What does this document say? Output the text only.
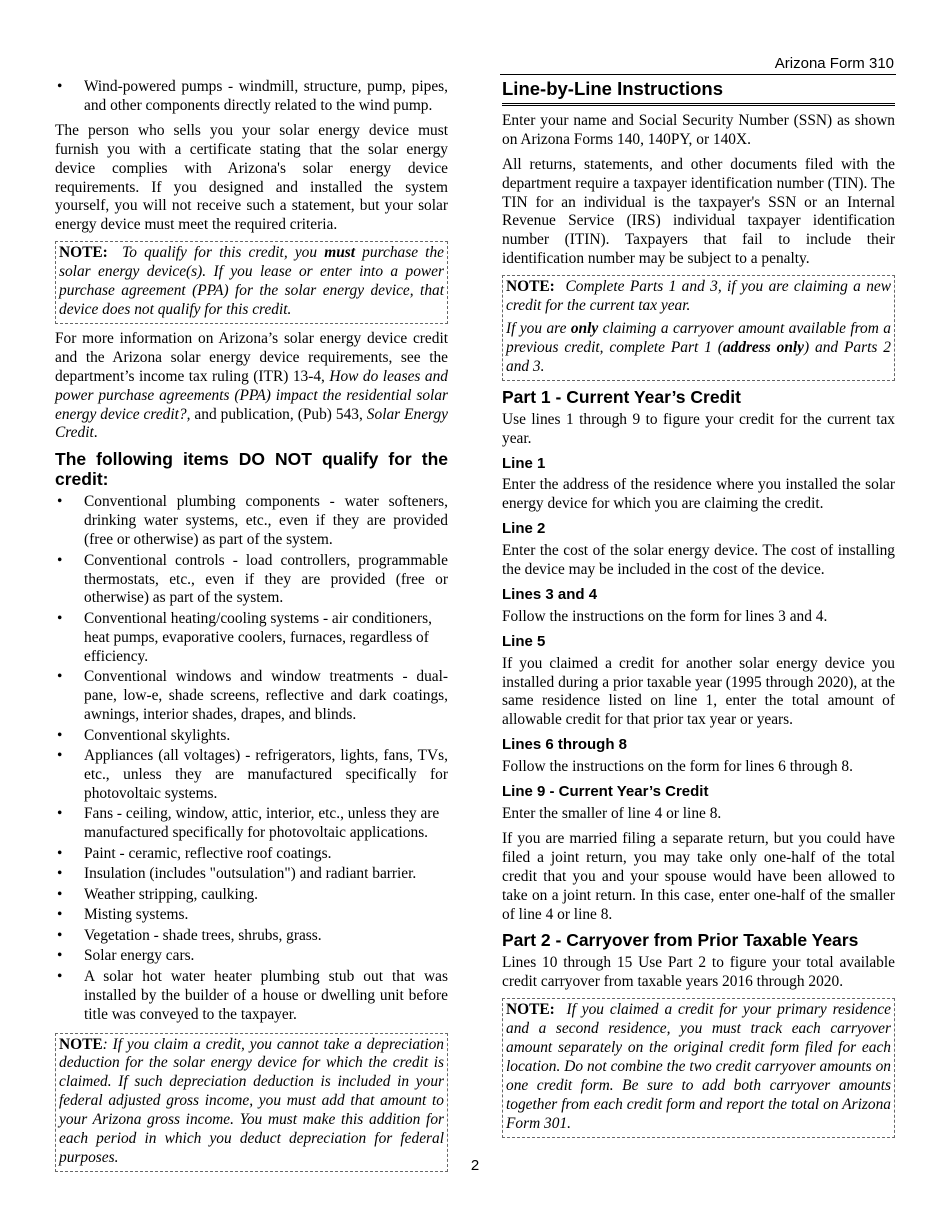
Arizona Form 310
• Wind-powered pumps - windmill, structure, pump, pipes, and other components directly related to the wind pump.

The person who sells you your solar energy device must furnish you with a certificate stating that the solar energy device complies with Arizona's solar energy device requirements. If you designed and installed the system yourself, you will not receive such a statement, but your solar energy device must meet the required criteria.

NOTE: To qualify for this credit, you must purchase the solar energy device(s). If you lease or enter into a power purchase agreement (PPA) for the solar energy device, that device does not qualify for this credit.

For more information on Arizona’s solar energy device credit and the Arizona solar energy device requirements, see the department’s income tax ruling (ITR) 13-4, How do leases and power purchase agreements (PPA) impact the residential solar energy device credit?, and publication, (Pub) 543, Solar Energy Credit.

The following items DO NOT qualify for the credit:
• Conventional plumbing components - water softeners, drinking water systems, etc., even if they are provided (free or otherwise) as part of the system.
• Conventional controls - load controllers, programmable thermostats, etc., even if they are provided (free or otherwise) as part of the system.
• Conventional heating/cooling systems - air conditioners, heat pumps, evaporative coolers, furnaces, regardless of efficiency.
• Conventional windows and window treatments - dual-pane, low-e, shade screens, reflective and dark coatings, awnings, interior shades, drapes, and blinds.
• Conventional skylights.
• Appliances (all voltages) - refrigerators, lights, fans, TVs, etc., unless they are manufactured specifically for photovoltaic systems.
• Fans - ceiling, window, attic, interior, etc., unless they are manufactured specifically for photovoltaic applications.
• Paint - ceramic, reflective roof coatings.
• Insulation (includes "outsulation") and radiant barrier.
• Weather stripping, caulking.
• Misting systems.
• Vegetation - shade trees, shrubs, grass.
• Solar energy cars.
• A solar hot water heater plumbing stub out that was installed by the builder of a house or dwelling unit before title was conveyed to the taxpayer.
NOTE: If you claim a credit, you cannot take a depreciation deduction for the solar energy device for which the credit is claimed. If such depreciation deduction is included in your federal adjusted gross income, you must add that amount to your Arizona gross income. You must make this addition for each period in which you deduct depreciation for federal purposes.
Line-by-Line Instructions

Enter your name and Social Security Number (SSN) as shown on Arizona Forms 140, 140PY, or 140X.

All returns, statements, and other documents filed with the department require a taxpayer identification number (TIN). The TIN for an individual is the taxpayer's SSN or an Internal Revenue Service (IRS) individual taxpayer identification number (ITIN). Taxpayers that fail to include their identification number may be subject to a penalty.

NOTE: Complete Parts 1 and 3, if you are claiming a new credit for the current tax year.
If you are only claiming a carryover amount available from a previous credit, complete Part 1 (address only) and Parts 2 and 3.
Part 1 - Current Year’s Credit

Use lines 1 through 9 to figure your credit for the current tax year.

Line 1

Enter the address of the residence where you installed the solar energy device for which you are claiming the credit.

Line 2

Enter the cost of the solar energy device. The cost of installing the device may be included in the cost of the device.

Lines 3 and 4

Follow the instructions on the form for lines 3 and 4.

Line 5

If you claimed a credit for another solar energy device you installed during a prior taxable year (1995 through 2020), at the same residence listed on line 1, enter the total amount of allowable credit for that prior tax year or years.

Lines 6 through 8

Follow the instructions on the form for lines 6 through 8.

Line 9 - Current Year’s Credit

Enter the smaller of line 4 or line 8.

If you are married filing a separate return, but you could have filed a joint return, you may take only one-half of the total credit that you and your spouse would have been allowed to take on a joint return. In this case, enter one-half of the smaller of line 4 or line 8.

Part 2 - Carryover from Prior Taxable Years

Lines 10 through 15 Use Part 2 to figure your total available credit carryover from taxable years 2016 through 2020.

NOTE: If you claimed a credit for your primary residence and a second residence, you must track each carryover amount separately on the original credit form filed for each location. Do not combine the two credit carryover amounts on one credit form. Be sure to add both carryover amounts together from each credit form and report the total on Arizona Form 301.
2
